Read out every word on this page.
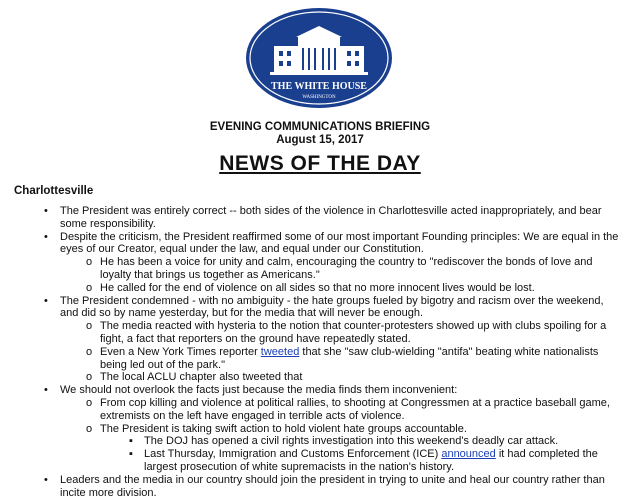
THE WHITE HOUSE
WASHINGTON
EVENING COMMUNICATIONS BRIEFING
August 15, 2017
NEWS OF THE DAY
Charlottesville
• The President was entirely correct -- both sides of the violence in Charlottesville acted inappropriately, and bear some responsibility.
• Despite the criticism, the President reaffirmed some of our most important Founding principles: We are equal in the eyes of our Creator, equal under the law, and equal under our Constitution.
o He has been a voice for unity and calm, encouraging the country to "rediscover the bonds of love and loyalty that brings us together as Americans."
o He called for the end of violence on all sides so that no more innocent lives would be lost.
• The President condemned - with no ambiguity - the hate groups fueled by bigotry and racism over the weekend, and did so by name yesterday, but for the media that will never be enough.
o The media reacted with hysteria to the notion that counter-protesters showed up with clubs spoiling for a fight, a fact that reporters on the ground have repeatedly stated.
o Even a New York Times reporter tweeted that she "saw club-wielding "antifa" beating white nationalists being led out of the park."
o The local ACLU chapter also tweeted that
• We should not overlook the facts just because the media finds them inconvenient:
o From cop killing and violence at political rallies, to shooting at Congressmen at a practice baseball game, extremists on the left have engaged in terrible acts of violence.
o The President is taking swift action to hold violent hate groups accountable.
▪ The DOJ has opened a civil rights investigation into this weekend's deadly car attack.
▪ Last Thursday, Immigration and Customs Enforcement (ICE) announced it had completed the largest prosecution of white supremacists in the nation's history.
• Leaders and the media in our country should join the president in trying to unite and heal our country rather than incite more division.
